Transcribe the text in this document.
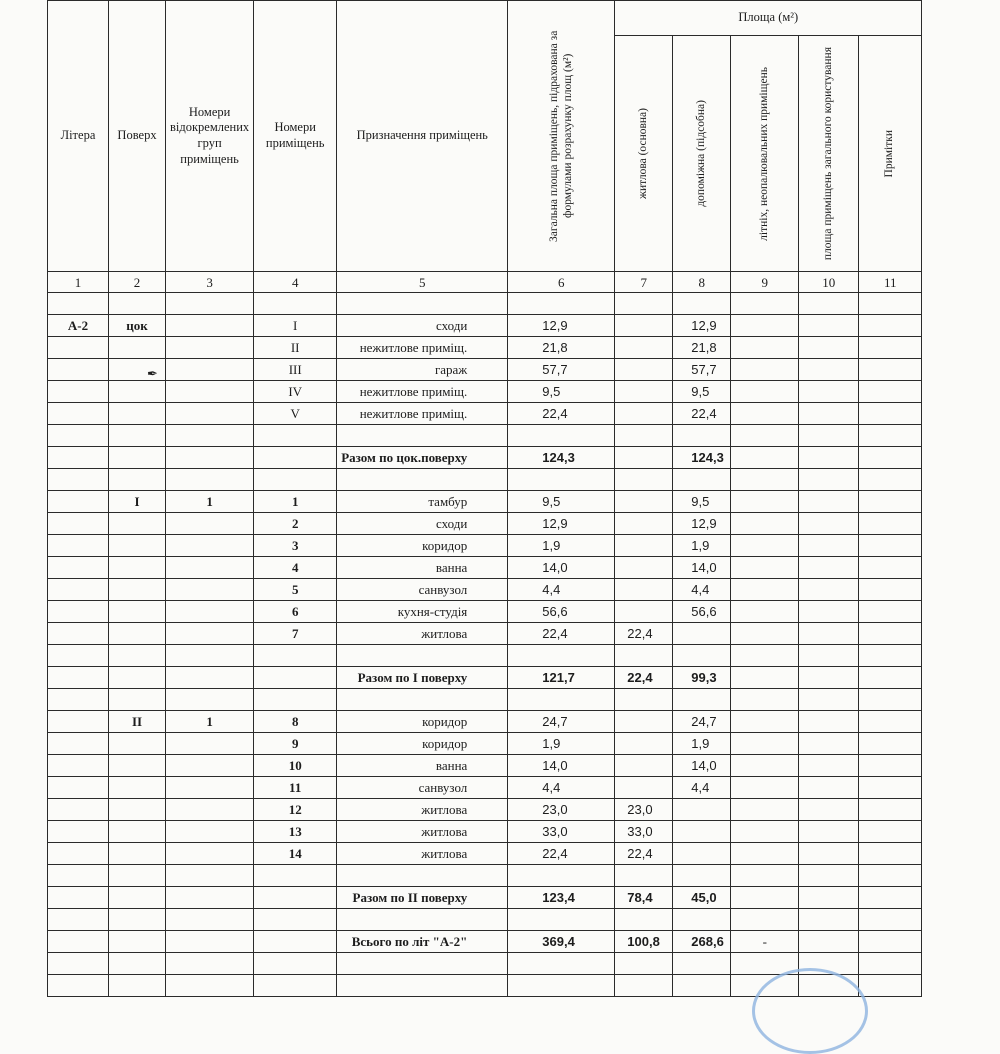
Літера	Поверх	Номери відокремлених груп приміщень	Номери приміщень	Призначення приміщень	Загальна площа приміщень, підрахована за формулами розрахунку площ (м²)	Площа (м²)				

						житлова (основна)	допоміжна (підсобна)	літніх, неопалювальних приміщень	площа приміщень загального користування	Примітки

1	2	3	4	5	6	7	8	9	10	11

А-2	цок		I	сходи	12,9		12,9			
			II	нежитлове приміщ.	21,8		21,8			
			III	гараж	57,7		57,7			
			IV	нежитлове приміщ.	9,5		9,5			
			V	нежитлове приміщ.	22,4		22,4			

				Разом по цок.поверху	124,3		124,3			

	I	1	1	тамбур	9,5		9,5			
			2	сходи	12,9		12,9			
			3	коридор	1,9		1,9			
			4	ванна	14,0		14,0			
			5	санвузол	4,4		4,4			
			6	кухня-студія	56,6		56,6			
			7	житлова	22,4	22,4				

				Разом по I поверху	121,7	22,4	99,3			

	II	1	8	коридор	24,7		24,7			
			9	коридор	1,9		1,9			
			10	ванна	14,0		14,0			
			11	санвузол	4,4		4,4			
			12	житлова	23,0	23,0				
			13	житлова	33,0	33,0				
			14	житлова	22,4	22,4				

				Разом по II поверху	123,4	78,4	45,0			

				Всього по літ "А-2"	369,4	100,8	268,6	-		

✒
